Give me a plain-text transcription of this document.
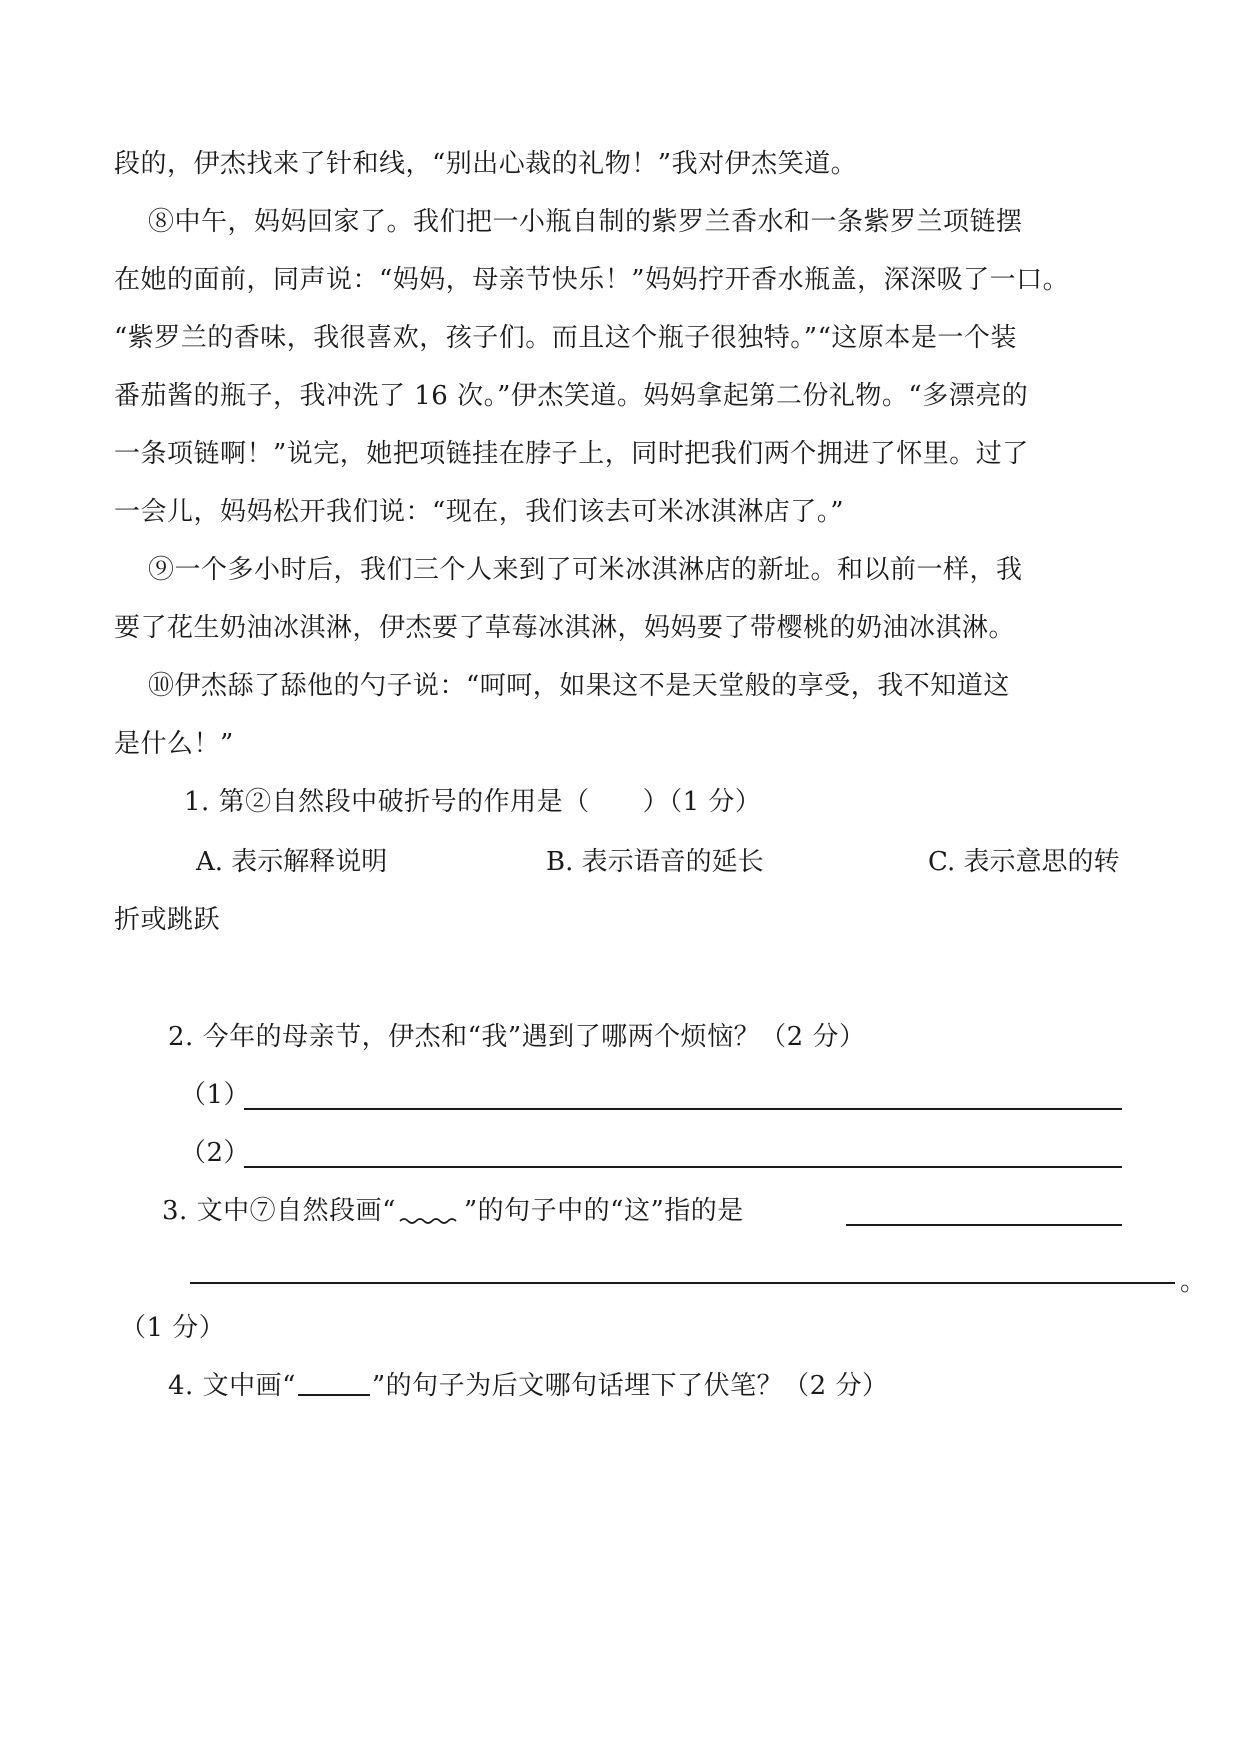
段的，伊杰找来了针和线，“别出心裁的礼物！”我对伊杰笑道。
⑧中午，妈妈回家了。我们把一小瓶自制的紫罗兰香水和一条紫罗兰项链摆
在她的面前，同声说：“妈妈，母亲节快乐！”妈妈拧开香水瓶盖，深深吸了一口。
“紫罗兰的香味，我很喜欢，孩子们。而且这个瓶子很独特。”“这原本是一个装
番茄酱的瓶子，我冲洗了 16 次。”伊杰笑道。妈妈拿起第二份礼物。“多漂亮的
一条项链啊！”说完，她把项链挂在脖子上，同时把我们两个拥进了怀里。过了
一会儿，妈妈松开我们说：“现在，我们该去可米冰淇淋店了。”
⑨一个多小时后，我们三个人来到了可米冰淇淋店的新址。和以前一样，我
要了花生奶油冰淇淋，伊杰要了草莓冰淇淋，妈妈要了带樱桃的奶油冰淇淋。
⑩伊杰舔了舔他的勺子说：“呵呵，如果这不是天堂般的享受，我不知道这
是什么！”
1. 第②自然段中破折号的作用是（　　）（1 分）
A. 表示解释说明	B. 表示语音的延长	C. 表示意思的转
折或跳跃
2. 今年的母亲节，伊杰和“我”遇到了哪两个烦恼？（2 分）
（1）
（2）
3. 文中⑦自然段画“	”的句子中的“这”指的是
。
（1 分）
4. 文中画“	”的句子为后文哪句话埋下了伏笔？（2 分）
